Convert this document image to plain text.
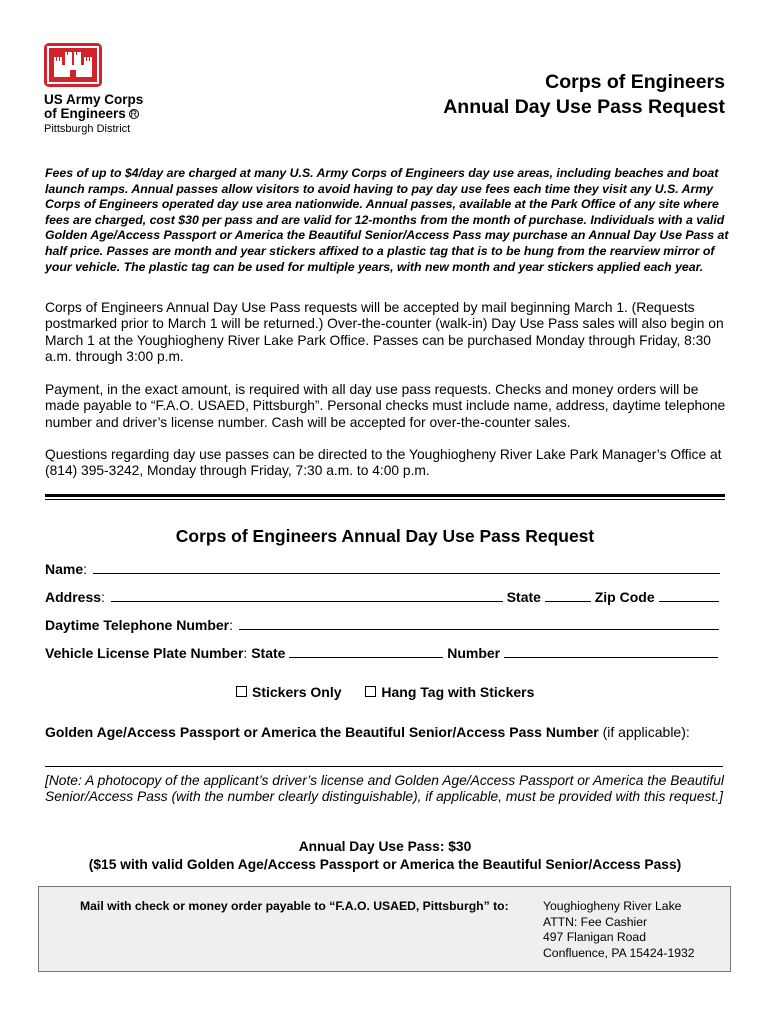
US Army Corps
of Engineers R
Pittsburgh District
Corps of Engineers
Annual Day Use Pass Request
Fees of up to $4/day are charged at many U.S. Army Corps of Engineers day use areas, including beaches and boat launch ramps. Annual passes allow visitors to avoid having to pay day use fees each time they visit any U.S. Army Corps of Engineers operated day use area nationwide. Annual passes, available at the Park Office of any site where fees are charged, cost $30 per pass and are valid for 12-months from the month of purchase. Individuals with a valid Golden Age/Access Passport or America the Beautiful Senior/Access Pass may purchase an Annual Day Use Pass at half price. Passes are month and year stickers affixed to a plastic tag that is to be hung from the rearview mirror of your vehicle. The plastic tag can be used for multiple years, with new month and year stickers applied each year.
Corps of Engineers Annual Day Use Pass requests will be accepted by mail beginning March 1. (Requests postmarked prior to March 1 will be returned.) Over-the-counter (walk-in) Day Use Pass sales will also begin on March 1 at the Youghiogheny River Lake Park Office. Passes can be purchased Monday through Friday, 8:30 a.m. through 3:00 p.m.
Payment, in the exact amount, is required with all day use pass requests. Checks and money orders will be made payable to “F.A.O. USAED, Pittsburgh”. Personal checks must include name, address, daytime telephone number and driver’s license number. Cash will be accepted for over-the-counter sales.
Questions regarding day use passes can be directed to the Youghiogheny River Lake Park Manager’s Office at (814) 395-3242, Monday through Friday, 7:30 a.m. to 4:00 p.m.
Corps of Engineers Annual Day Use Pass Request
Name:
Address:	State	Zip Code
Daytime Telephone Number:
Vehicle License Plate Number: State	Number
Stickers Only	Hang Tag with Stickers
Golden Age/Access Passport or America the Beautiful Senior/Access Pass Number (if applicable):
[Note: A photocopy of the applicant’s driver’s license and Golden Age/Access Passport or America the Beautiful Senior/Access Pass (with the number clearly distinguishable), if applicable, must be provided with this request.]
Annual Day Use Pass: $30
($15 with valid Golden Age/Access Passport or America the Beautiful Senior/Access Pass)
Mail with check or money order payable to “F.A.O. USAED, Pittsburgh” to:	Youghiogheny River Lake
ATTN: Fee Cashier
497 Flanigan Road
Confluence, PA 15424-1932
